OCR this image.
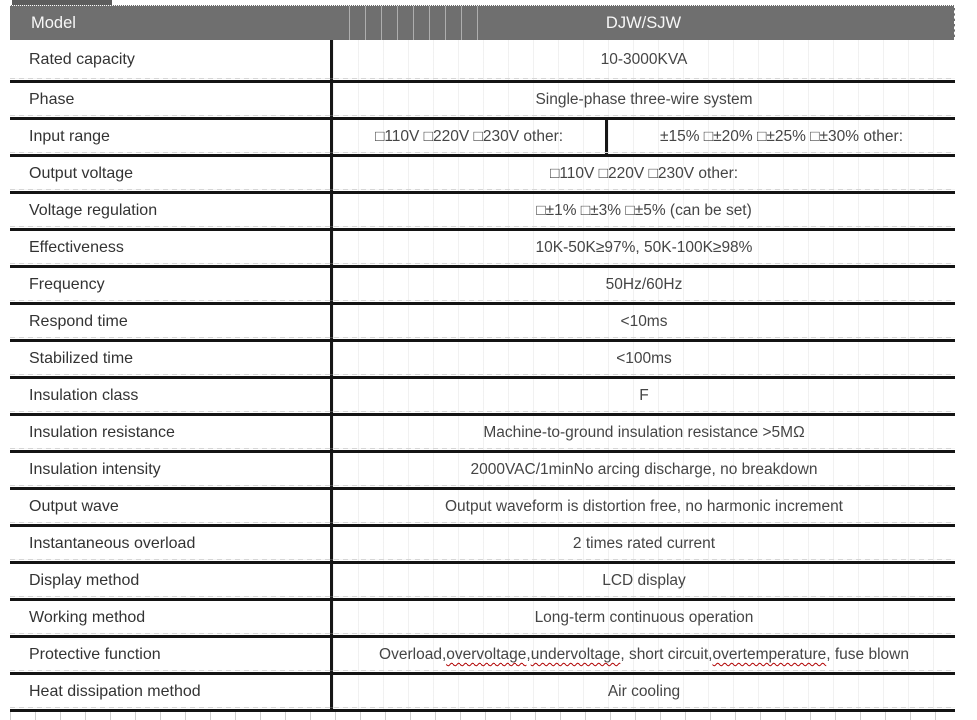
Model	DJW/SJW
Rated capacity	10-3000KVA
Phase	Single-phase three-wire system
Input range	□110V □220V □230V other:	±15% □±20% □±25% □±30% other:
Output voltage	□110V □220V □230V other:
Voltage regulation	□±1% □±3% □±5% (can be set)
Effectiveness	10K-50K≥97%, 50K-100K≥98%
Frequency	50Hz/60Hz
Respond time	<10ms
Stabilized time	<100ms
Insulation class	F
Insulation resistance	Machine-to-ground insulation resistance >5MΩ
Insulation intensity	2000VAC/1minNo arcing discharge, no breakdown
Output wave	Output waveform is distortion free, no harmonic increment
Instantaneous overload	2 times rated current
Display method	LCD display
Working method	Long-term continuous operation
Protective function	Overload, overvoltage , undervoltage , short circuit, overtemperature , fuse blown
Heat dissipation method	Air cooling
